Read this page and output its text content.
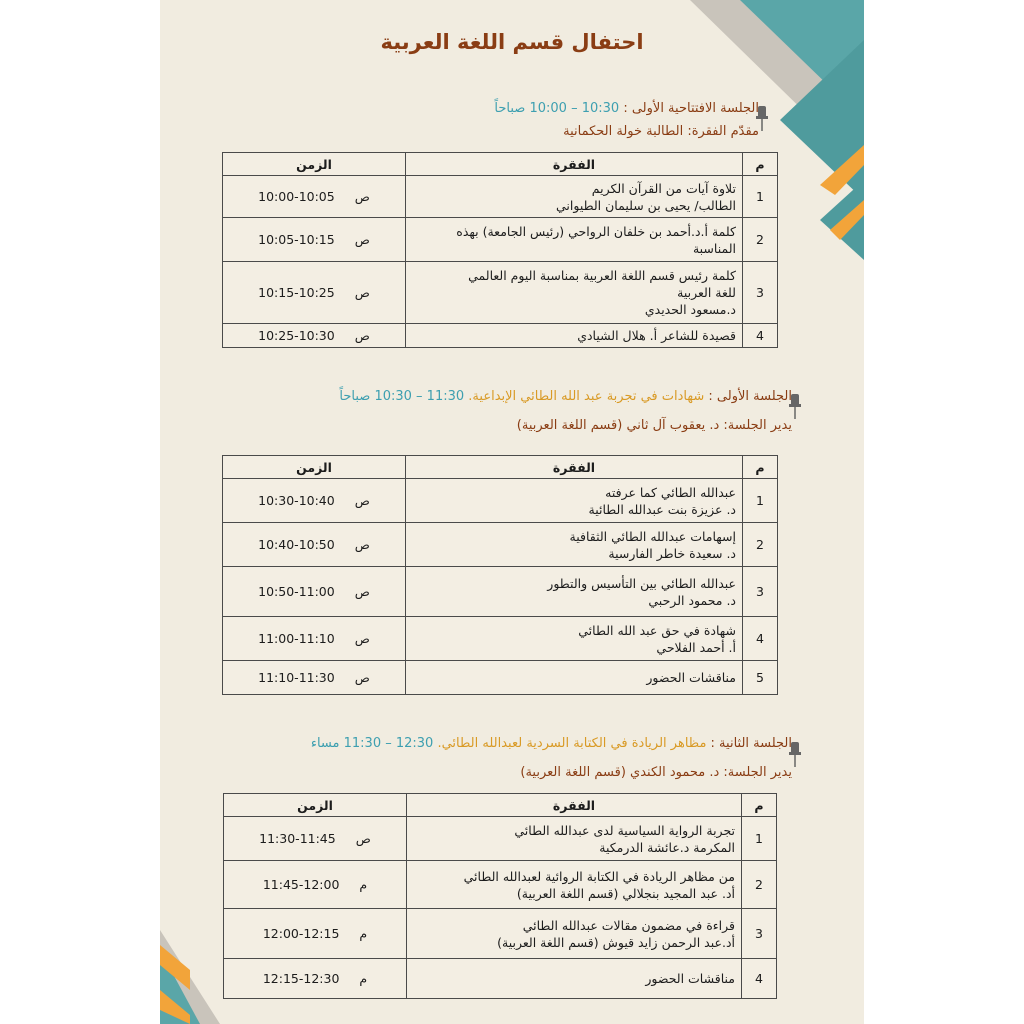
احتفال قسم اللغة العربية
الجلسة الافتتاحية الأولى : 10:00 – 10:30 صباحاً
مقدّم الفقرة: الطالبة خولة الحكمانية
م	الفقرة	الزمن
1	تلاوة آيات من القرآن الكريم
الطالب/ يحيى بن سليمان الطيواني	10:00-10:05 ص
2	كلمة أ.د.أحمد بن خلفان الرواحي (رئيس الجامعة) بهذه
المناسبة	10:05-10:15 ص
3	كلمة رئيس قسم اللغة العربية بمناسبة اليوم العالمي
للغة العربية
د.مسعود الحديدي	10:15-10:25 ص
4	قصيدة للشاعر أ. هلال الشيادي	10:25-10:30 ص
الجلسة الأولى : شهادات في تجربة عبد الله الطائي الإبداعية. 10:30 – 11:30 صباحاً
يدير الجلسة: د. يعقوب آل ثاني (قسم اللغة العربية)
م	الفقرة	الزمن
1	عبدالله الطائي كما عرفته
د. عزيزة بنت عبدالله الطائية	10:30-10:40 ص
2	إسهامات عبدالله الطائي الثقافية
د. سعيدة خاطر الفارسية	10:40-10:50 ص
3	عبدالله الطائي بين التأسيس والتطور
د. محمود الرحبي	10:50-11:00 ص
4	شهادة في حق عبد الله الطائي
أ. أحمد الفلاحي	11:00-11:10 ص
5	مناقشات الحضور	11:10-11:30 ص
الجلسة الثانية : مظاهر الريادة في الكتابة السردية لعبدالله الطائي. 11:30 – 12:30 مساء
يدير الجلسة: د. محمود الكندي (قسم اللغة العربية)
م	الفقرة	الزمن
1	تجربة الرواية السياسية لدى عبدالله الطائي
المكرمة د.عائشة الدرمكية	11:30-11:45 ص
2	من مظاهر الريادة في الكتابة الروائية لعبدالله الطائي
أد. عبد المجيد بنجلالي (قسم اللغة العربية)	11:45-12:00 م
3	قراءة في مضمون مقالات عبدالله الطائي
أد.عبد الرحمن زايد قيوش (قسم اللغة العربية)	12:00-12:15 م
4	مناقشات الحضور	12:15-12:30 م
